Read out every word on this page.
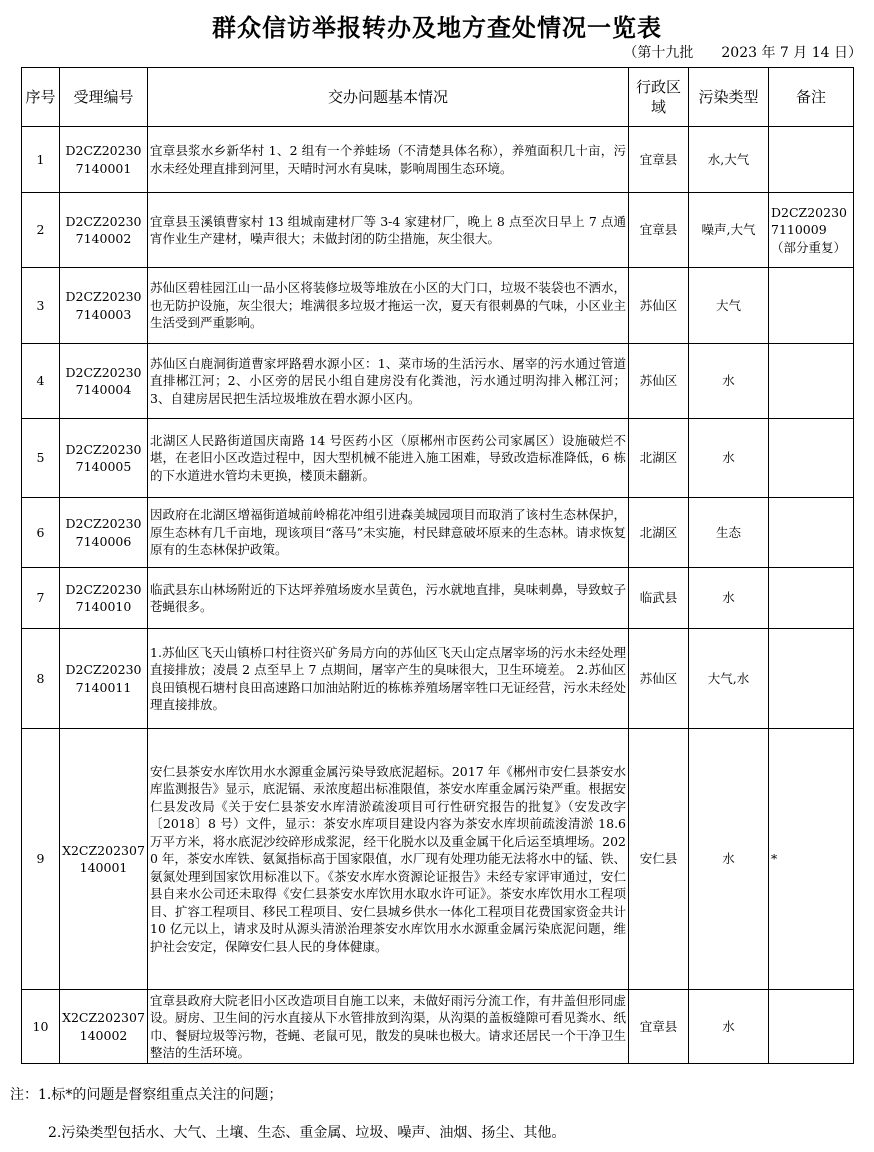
群众信访举报转办及地方查处情况一览表
（第十九批　　2023 年 7 月 14 日）
序号	受理编号	交办问题基本情况	行政区域	污染类型	备注
1	D2CZ202307140001	宜章县浆水乡新华村 1、2 组有一个养蛙场（不清楚具体名称），养殖面积几十亩，污水未经处理直排到河里，天晴时河水有臭味，影响周围生态环境。	宜章县	水,大气	
2	D2CZ202307140002	宜章县玉溪镇曹家村 13 组城南建材厂等 3-4 家建材厂，晚上 8 点至次日早上 7 点通宵作业生产建材，噪声很大；未做封闭的防尘措施，灰尘很大。	宜章县	噪声,大气	D2CZ202307110009（部分重复）
3	D2CZ202307140003	苏仙区碧桂园江山一品小区将装修垃圾等堆放在小区的大门口，垃圾不装袋也不洒水，也无防护设施，灰尘很大；堆满很多垃圾才拖运一次，夏天有很刺鼻的气味，小区业主生活受到严重影响。	苏仙区	大气	
4	D2CZ202307140004	苏仙区白鹿洞街道曹家坪路碧水源小区：1、菜市场的生活污水、屠宰的污水通过管道直排郴江河；2、小区旁的居民小组自建房没有化粪池，污水通过明沟排入郴江河；3、自建房居民把生活垃圾堆放在碧水源小区内。	苏仙区	水	
5	D2CZ202307140005	北湖区人民路街道国庆南路 14 号医药小区（原郴州市医药公司家属区）设施破烂不堪，在老旧小区改造过程中，因大型机械不能进入施工困难，导致改造标准降低，6 栋的下水道进水管均未更换，楼顶未翻新。	北湖区	水	
6	D2CZ202307140006	因政府在北湖区增福街道城前岭棉花冲组引进森美城园项目而取消了该村生态林保护，原生态林有几千亩地，现该项目“落马”未实施，村民肆意破坏原来的生态林。请求恢复原有的生态林保护政策。	北湖区	生态	
7	D2CZ202307140010	临武县东山林场附近的下达坪养殖场废水呈黄色，污水就地直排，臭味刺鼻，导致蚊子苍蝇很多。	临武县	水	
8	D2CZ202307140011	1.苏仙区飞天山镇桥口村往资兴矿务局方向的苏仙区飞天山定点屠宰场的污水未经处理直接排放；凌晨 2 点至早上 7 点期间，屠宰产生的臭味很大，卫生环境差。 2.苏仙区良田镇枧石塘村良田高速路口加油站附近的栋栋养殖场屠宰牲口无证经营，污水未经处理直接排放。	苏仙区	大气,水	
9	X2CZ202307140001	安仁县茶安水库饮用水水源重金属污染导致底泥超标。2017 年《郴州市安仁县茶安水库监测报告》显示，底泥镉、汞浓度超出标准限值，茶安水库重金属污染严重。根据安仁县发改局《关于安仁县茶安水库清淤疏浚项目可行性研究报告的批复》（安发改字〔2018〕8 号）文件，显示：茶安水库项目建设内容为茶安水库坝前疏浚清淤 18.6 万平方米，将水底泥沙绞碎形成浆泥，经干化脱水以及重金属干化后运至填埋场。2020 年，茶安水库铁、氨氮指标高于国家限值，水厂现有处理功能无法将水中的锰、铁、氨氮处理到国家饮用标准以下。《茶安水库水资源论证报告》未经专家评审通过，安仁县自来水公司还未取得《安仁县茶安水库饮用水取水许可证》。茶安水库饮用水工程项目、扩容工程项目、移民工程项目、安仁县城乡供水一体化工程项目花费国家资金共计 10 亿元以上，请求及时从源头清淤治理茶安水库饮用水水源重金属污染底泥问题，维护社会安定，保障安仁县人民的身体健康。	安仁县	水	*
10	X2CZ202307140002	宜章县政府大院老旧小区改造项目自施工以来，未做好雨污分流工作，有井盖但形同虚设。厨房、卫生间的污水直接从下水管排放到沟渠，从沟渠的盖板缝隙可看见粪水、纸巾、餐厨垃圾等污物，苍蝇、老鼠可见，散发的臭味也极大。请求还居民一个干净卫生整洁的生活环境。	宜章县	水	
注：1.标*的问题是督察组重点关注的问题；
2.污染类型包括水、大气、土壤、生态、重金属、垃圾、噪声、油烟、扬尘、其他。
